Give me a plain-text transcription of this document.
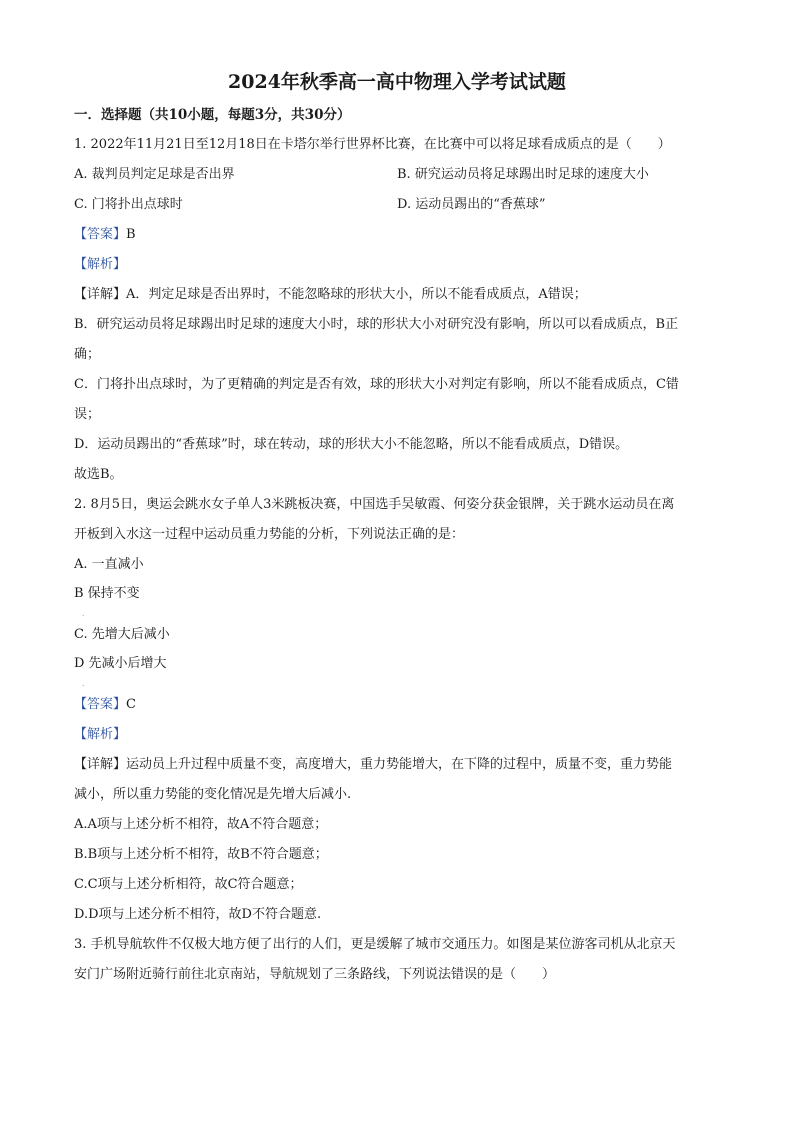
2024年秋季高一高中物理入学考试试题

一．选择题（共10小题，每题3分，共30分）

1. 2022年11月21日至12月18日在卡塔尔举行世界杯比赛，在比赛中可以将足球看成质点的是（　　）

A. 裁判员判定足球是否出界	B. 研究运动员将足球踢出时足球的速度大小
C. 门将扑出点球时	D. 运动员踢出的“香蕉球”

【答案】B

【解析】

【详解】A．判定足球是否出界时，不能忽略球的形状大小，所以不能看成质点，A错误；

B．研究运动员将足球踢出时足球的速度大小时，球的形状大小对研究没有影响，所以可以看成质点，B正

确；

C．门将扑出点球时，为了更精确的判定是否有效，球的形状大小对判定有影响，所以不能看成质点，C错

误；

D．运动员踢出的“香蕉球”时，球在转动，球的形状大小不能忽略，所以不能看成质点，D错误。

故选B。

2. 8月5日，奥运会跳水女子单人3米跳板决赛，中国选手吴敏霞、何姿分获金银牌，关于跳水运动员在离

开板到入水这一过程中运动员重力势能的分析，下列说法正确的是：

A. 一直减小

B 保持不变

．

C. 先增大后减小

D 先减小后增大

．

【答案】C

【解析】

【详解】运动员上升过程中质量不变，高度增大，重力势能增大，在下降的过程中，质量不变，重力势能

减小，所以重力势能的变化情况是先增大后减小.

A.A项与上述分析不相符，故A不符合题意；

B.B项与上述分析不相符，故B不符合题意；

C.C项与上述分析相符，故C符合题意；

D.D项与上述分析不相符，故D不符合题意.

3. 手机导航软件不仅极大地方便了出行的人们，更是缓解了城市交通压力。如图是某位游客司机从北京天

安门广场附近骑行前往北京南站，导航规划了三条路线，下列说法错误的是（　　）
